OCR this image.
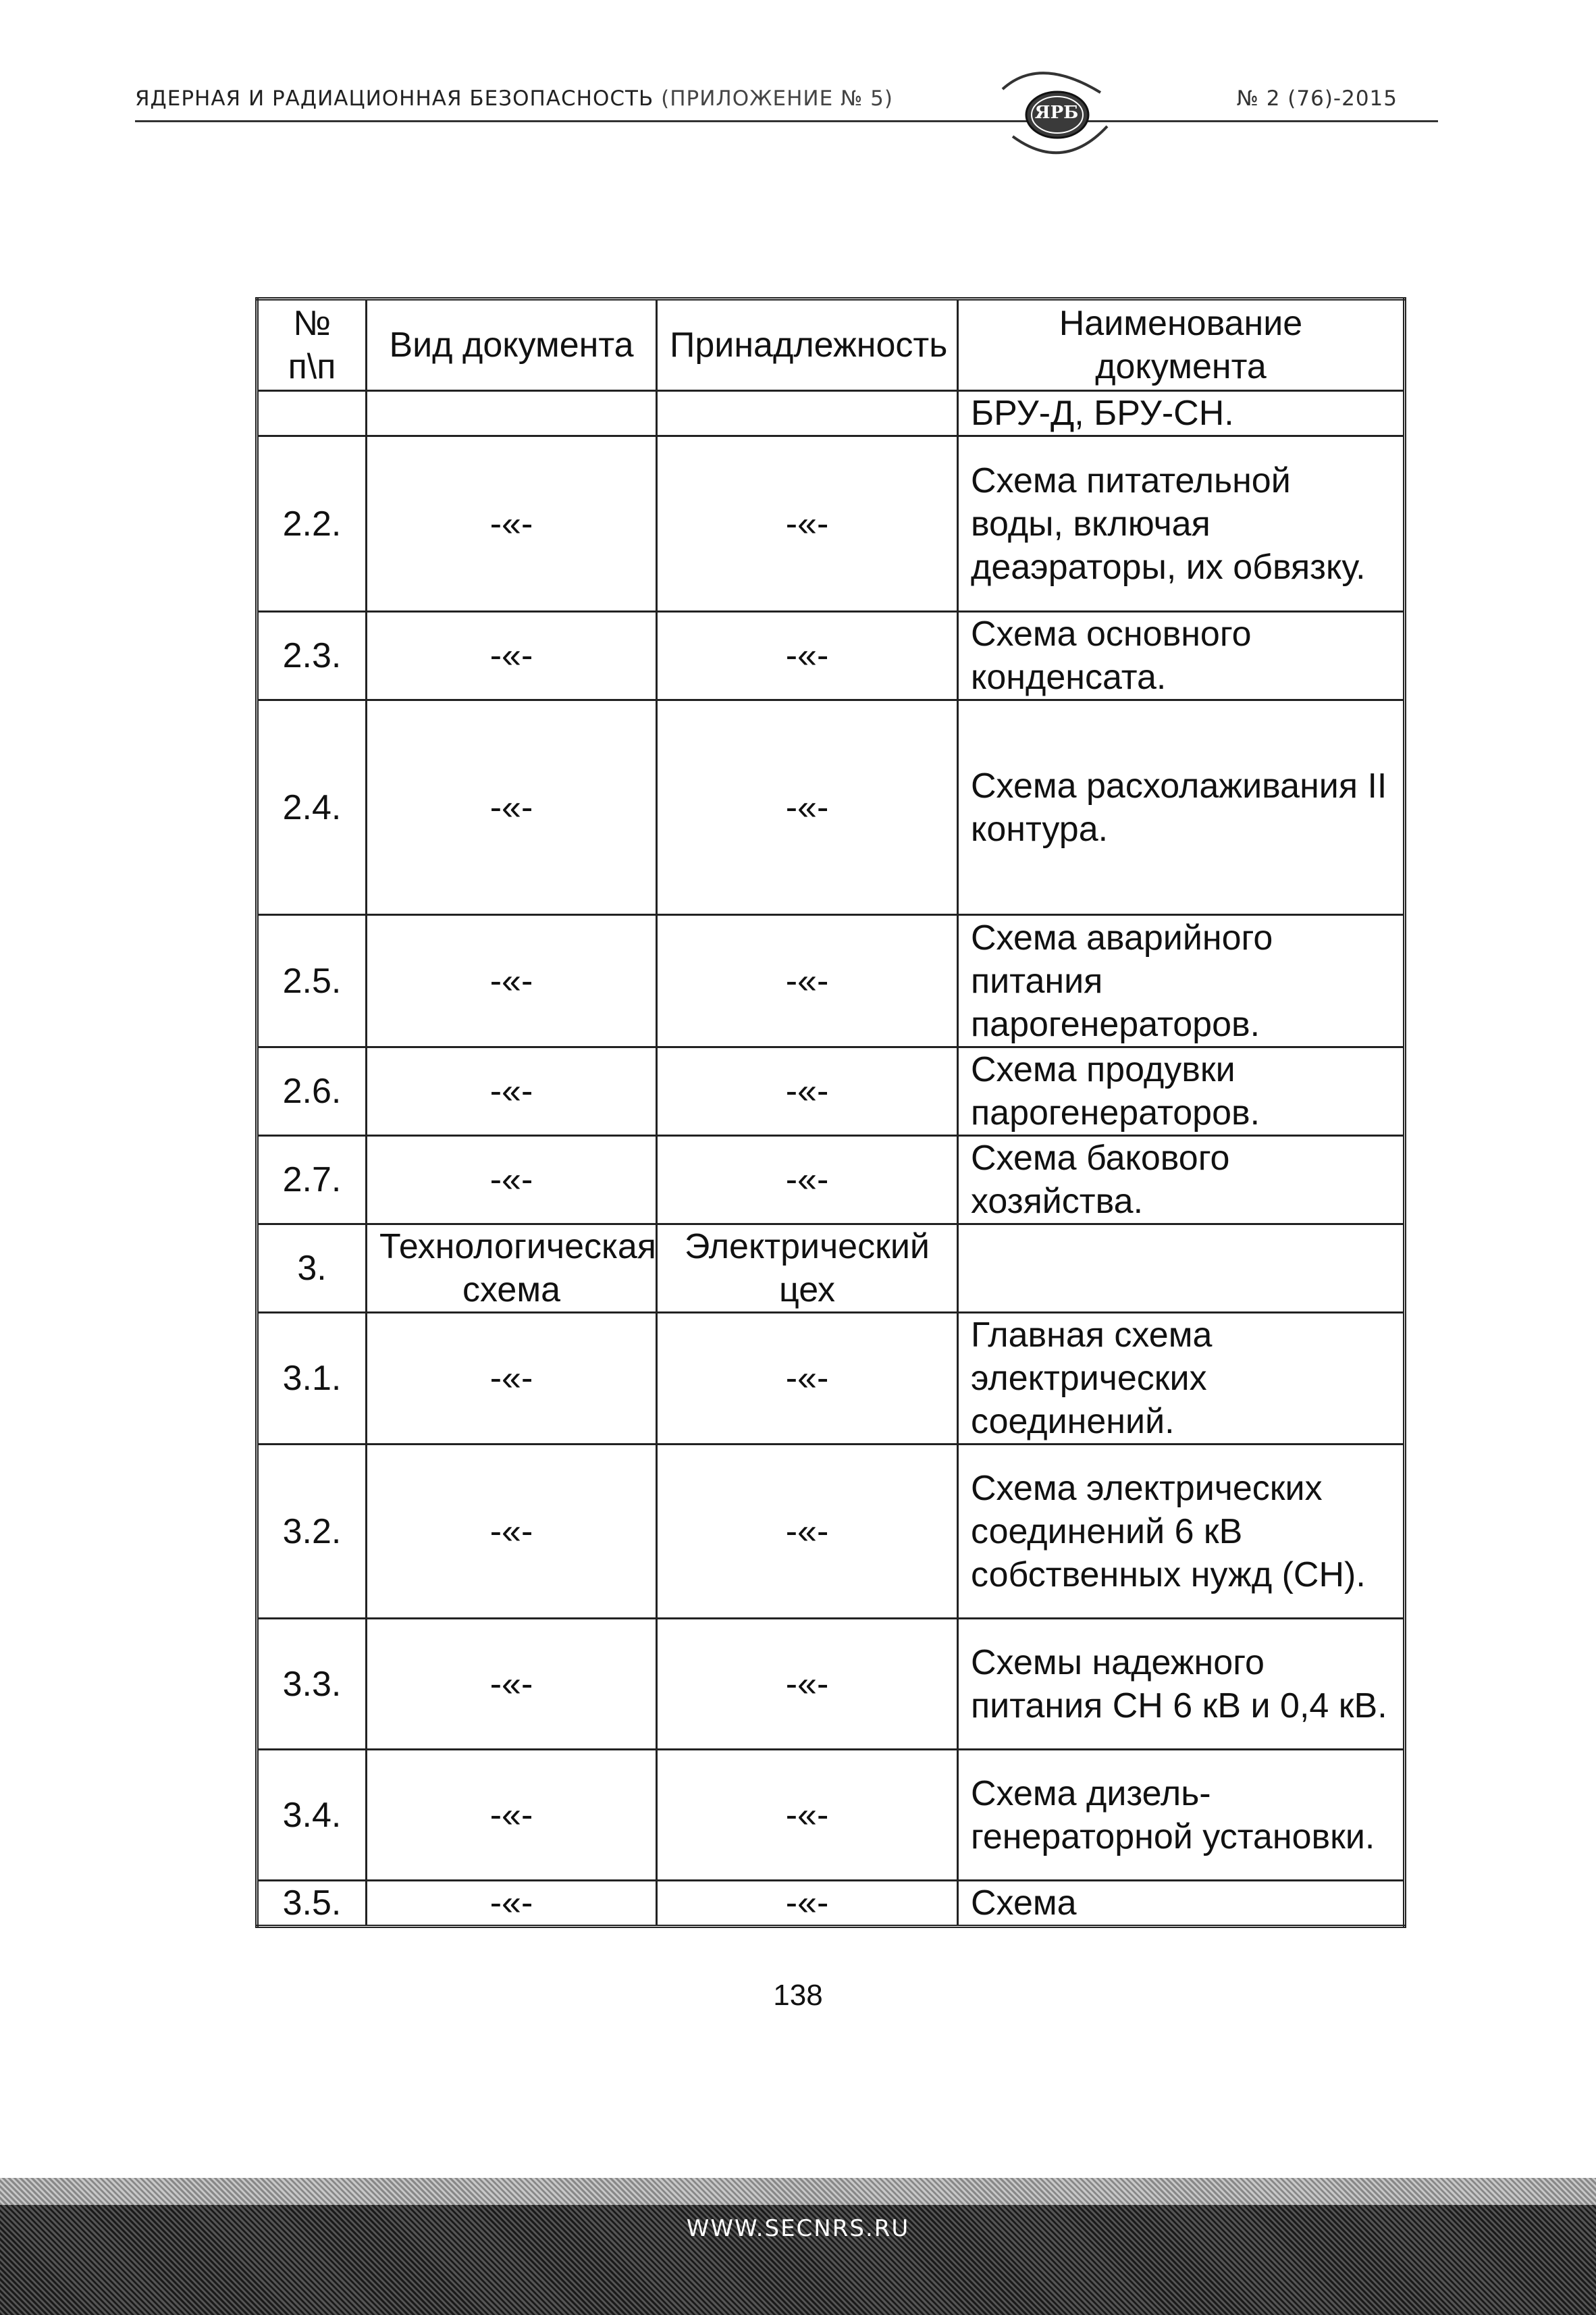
ЯДЕРНАЯ И РАДИАЦИОННАЯ БЕЗОПАСНОСТЬ (ПРИЛОЖЕНИЕ № 5)	№ 2 (76)-2015
ЯРБ
№ п\п	Вид документа	Принадлежность	Наименование документа
			БРУ-Д, БРУ-СН.
2.2.	-«-	-«-	Схема питательной воды, включая деаэраторы, их обвязку.
2.3.	-«-	-«-	Схема основного конденсата.
2.4.	-«-	-«-	Схема расхолаживания II контура.
2.5.	-«-	-«-	Схема аварийного питания парогенераторов.
2.6.	-«-	-«-	Схема продувки парогенераторов.
2.7.	-«-	-«-	Схема бакового хозяйства.
3.	Технологическая схема	Электрический цех	
3.1.	-«-	-«-	Главная схема электрических соединений.
3.2.	-«-	-«-	Схема электрических соединений 6 кВ собственных нужд (СН).
3.3.	-«-	-«-	Схемы надежного питания СН 6 кВ и 0,4 кВ.
3.4.	-«-	-«-	Схема дизель-генераторной установки.
3.5.	-«-	-«-	Схема
138
WWW.SECNRS.RU
